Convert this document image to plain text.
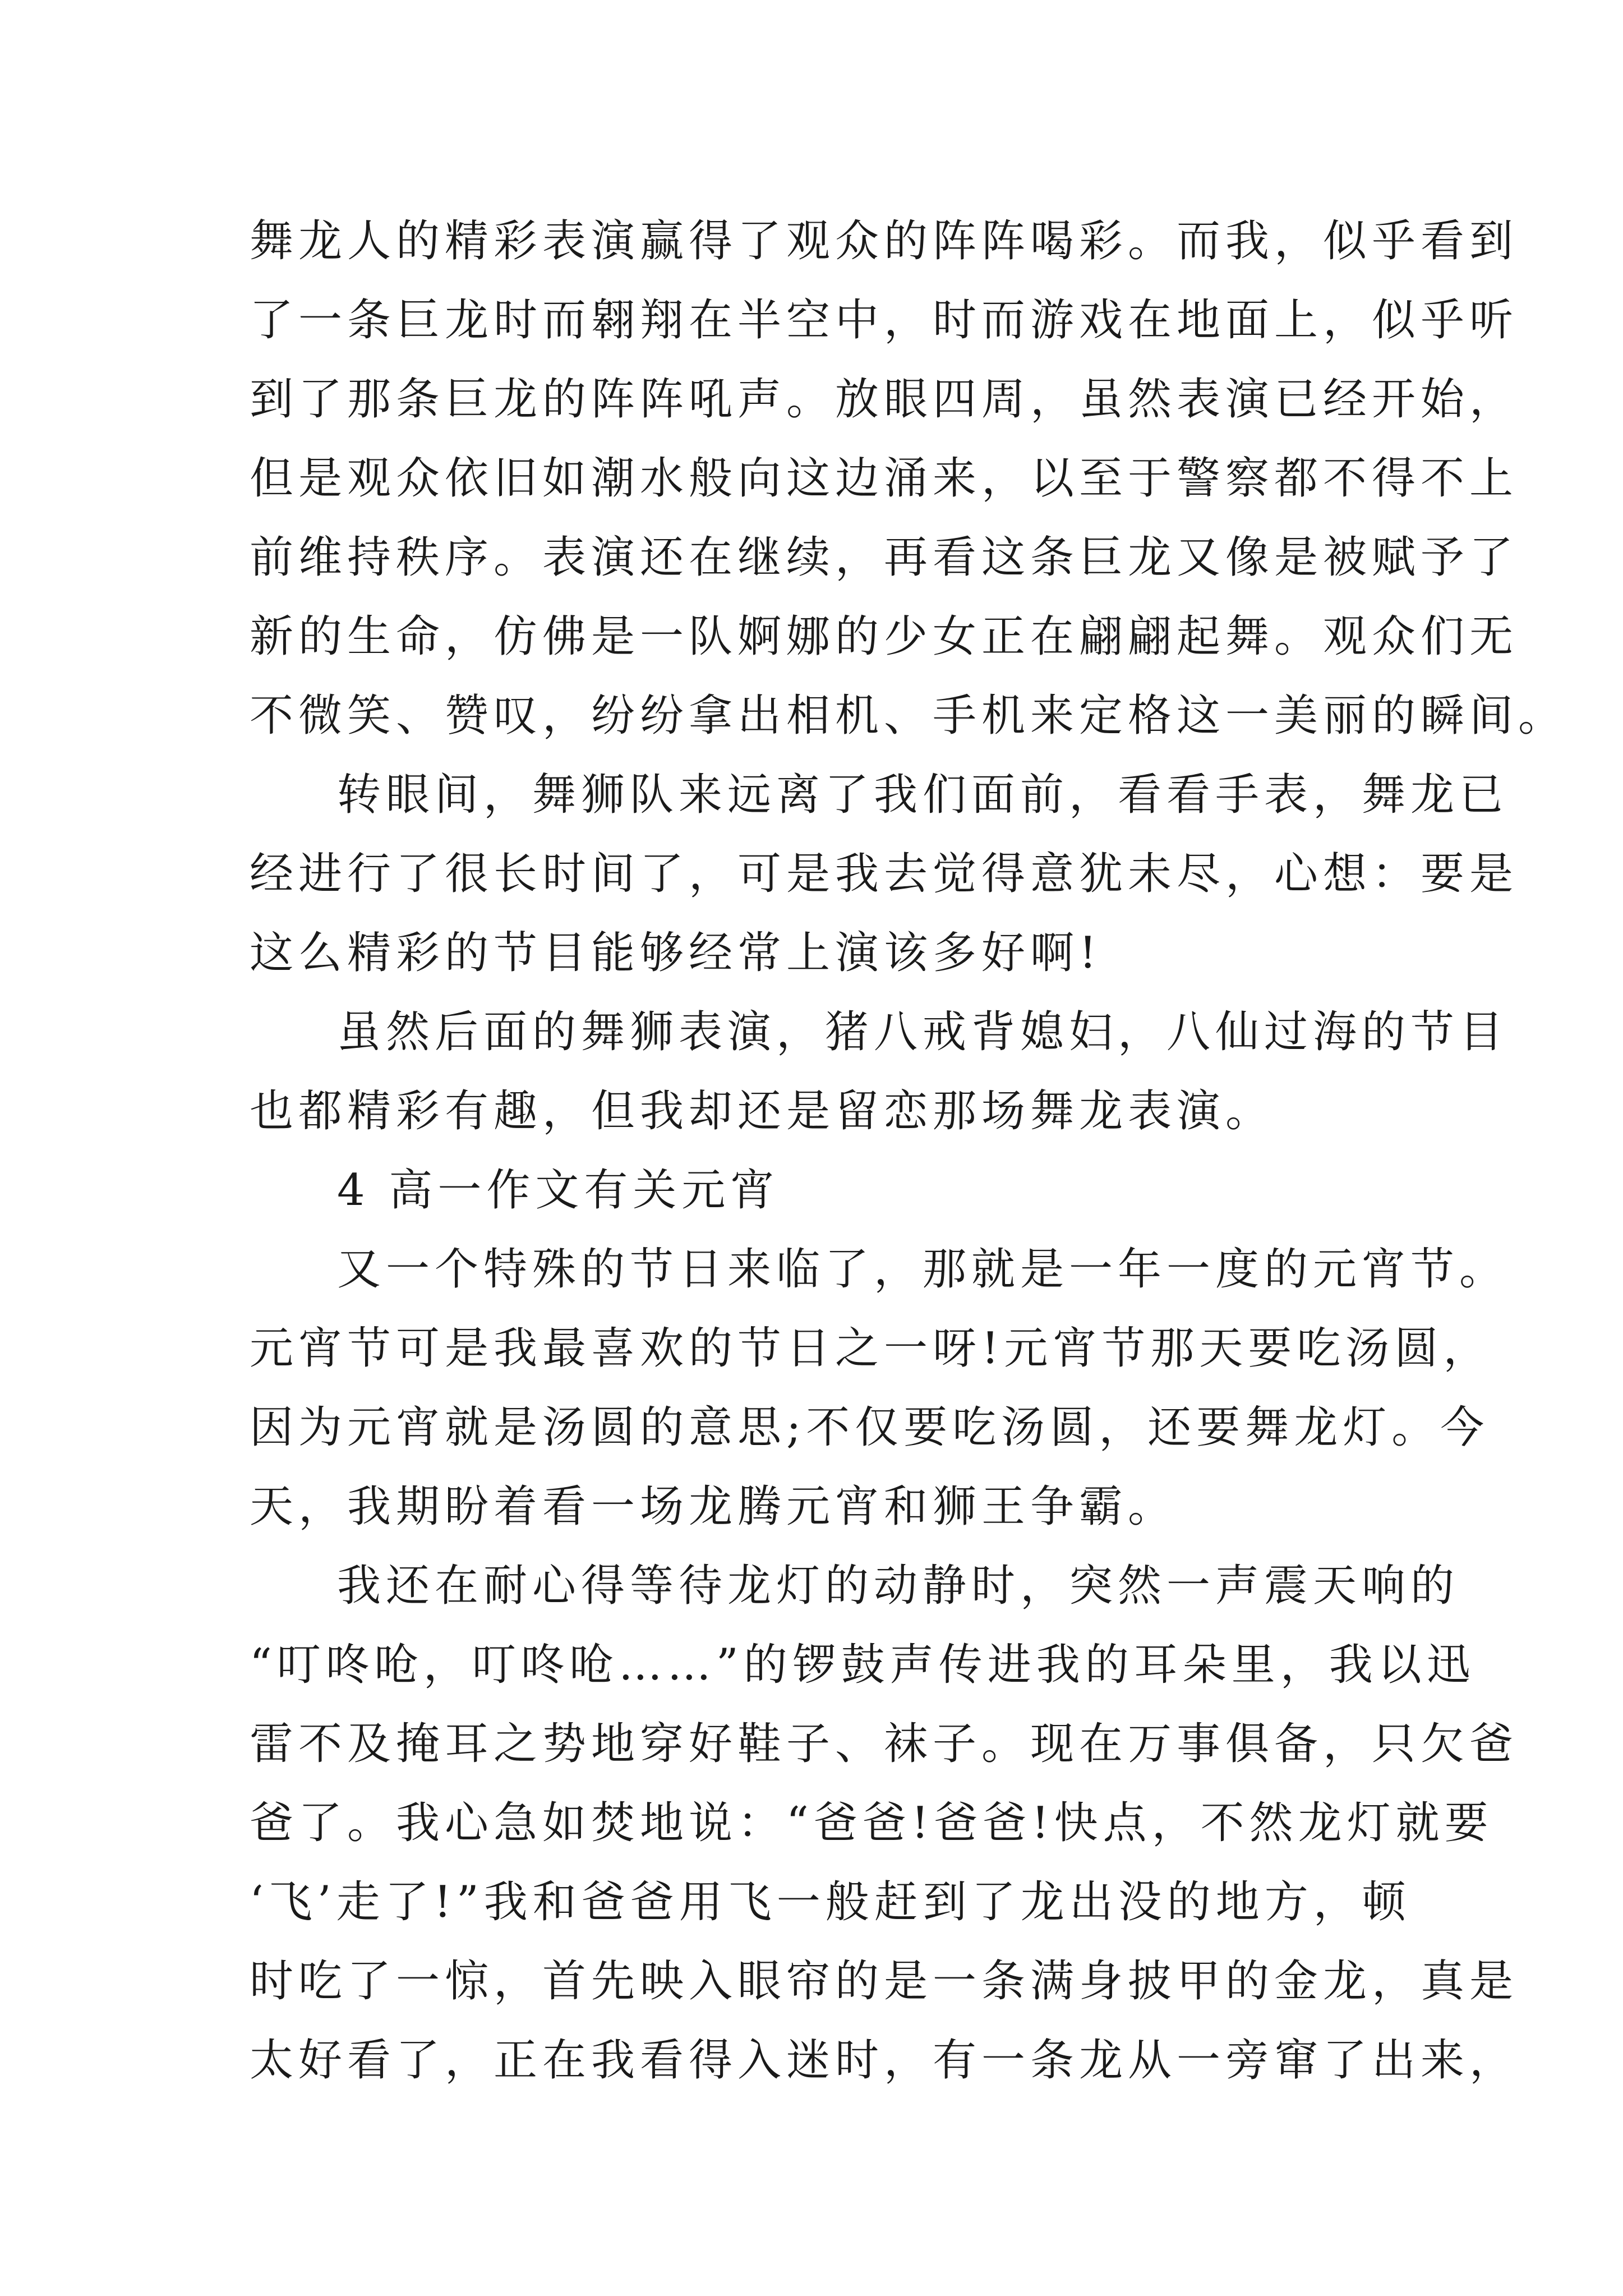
舞龙人的精彩表演赢得了观众的阵阵喝彩。而我，似乎看到
了一条巨龙时而翱翔在半空中，时而游戏在地面上，似乎听
到了那条巨龙的阵阵吼声。放眼四周，虽然表演已经开始，
但是观众依旧如潮水般向这边涌来，以至于警察都不得不上
前维持秩序。表演还在继续，再看这条巨龙又像是被赋予了
新的生命，仿佛是一队婀娜的少女正在翩翩起舞。观众们无
不微笑、赞叹，纷纷拿出相机、手机来定格这一美丽的瞬间。
转眼间，舞狮队来远离了我们面前，看看手表，舞龙已
经进行了很长时间了，可是我去觉得意犹未尽，心想：要是
这么精彩的节目能够经常上演该多好啊!
虽然后面的舞狮表演，猪八戒背媳妇，八仙过海的节目
也都精彩有趣，但我却还是留恋那场舞龙表演。
4 高一作文有关元宵
又一个特殊的节日来临了，那就是一年一度的元宵节。
元宵节可是我最喜欢的节日之一呀!元宵节那天要吃汤圆，
因为元宵就是汤圆的意思;不仅要吃汤圆，还要舞龙灯。今
天，我期盼着看一场龙腾元宵和狮王争霸。
我还在耐心得等待龙灯的动静时，突然一声震天响的
“叮咚呛，叮咚呛……”的锣鼓声传进我的耳朵里，我以迅
雷不及掩耳之势地穿好鞋子、袜子。现在万事俱备，只欠爸
爸了。我心急如焚地说：“爸爸!爸爸!快点，不然龙灯就要
‘飞’走了!”我和爸爸用飞一般赶到了龙出没的地方，顿
时吃了一惊，首先映入眼帘的是一条满身披甲的金龙，真是
太好看了，正在我看得入迷时，有一条龙从一旁窜了出来，
